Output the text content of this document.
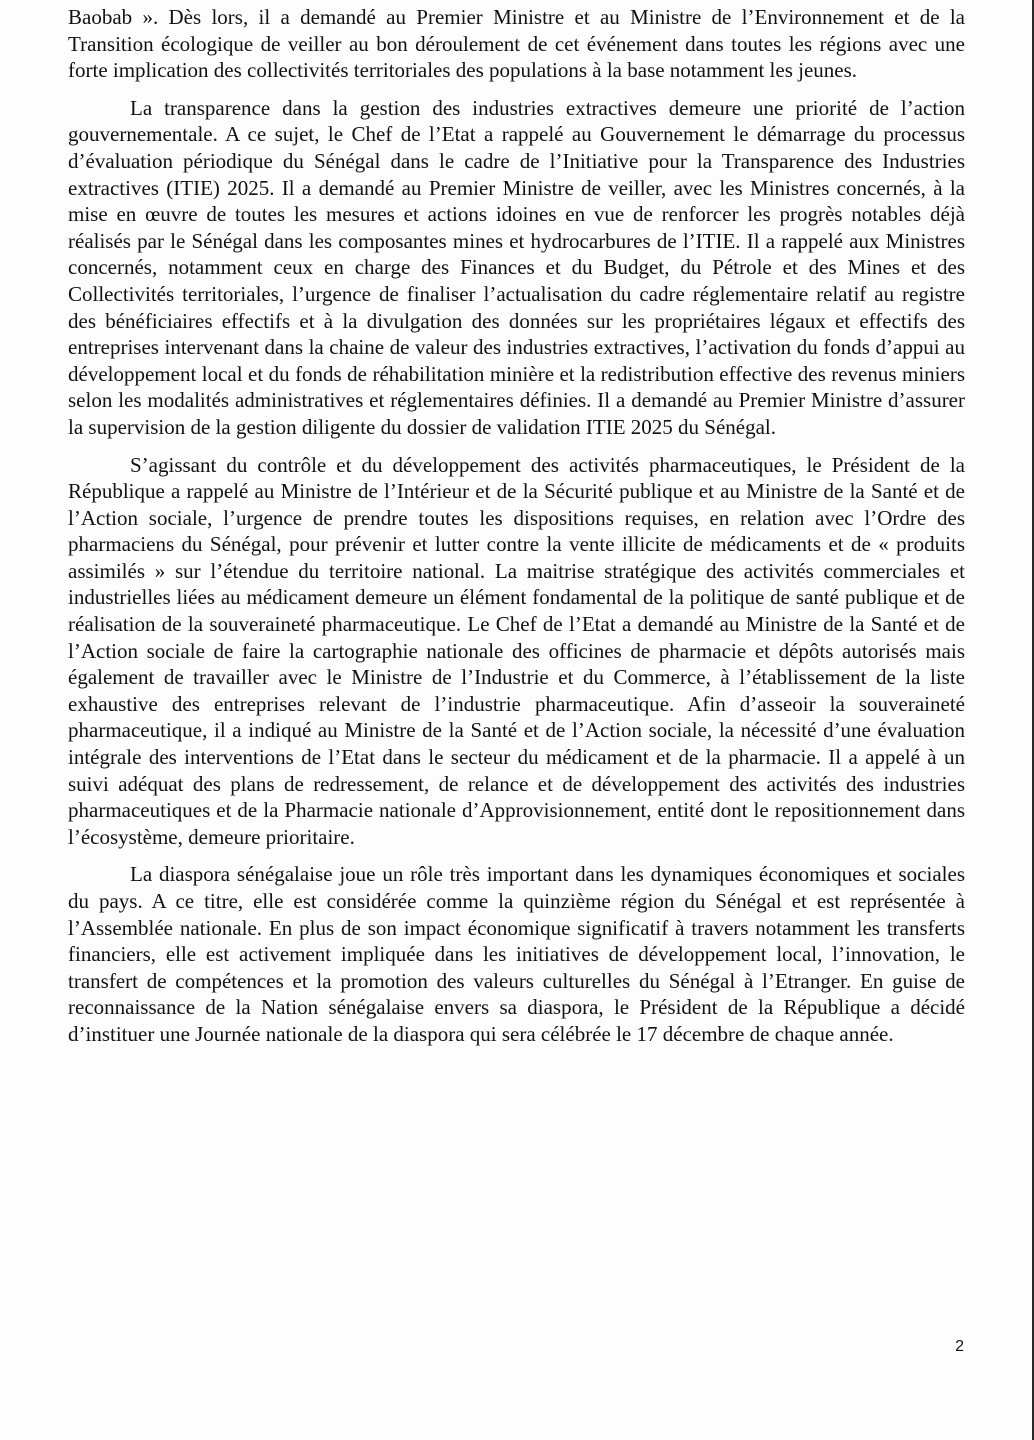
Baobab ». Dès lors, il a demandé au Premier Ministre et au Ministre de l’Environnement et de la Transition écologique de veiller au bon déroulement de cet événement dans toutes les régions avec une forte implication des collectivités territoriales des populations à la base notamment les jeunes.

La transparence dans la gestion des industries extractives demeure une priorité de l’action gouvernementale. A ce sujet, le Chef de l’Etat a rappelé au Gouvernement le démarrage du processus d’évaluation périodique du Sénégal dans le cadre de l’Initiative pour la Transparence des Industries extractives (ITIE) 2025. Il a demandé au Premier Ministre de veiller, avec les Ministres concernés, à la mise en œuvre de toutes les mesures et actions idoines en vue de renforcer les progrès notables déjà réalisés par le Sénégal dans les composantes mines et hydrocarbures de l’ITIE. Il a rappelé aux Ministres concernés, notamment ceux en charge des Finances et du Budget, du Pétrole et des Mines et des Collectivités territoriales, l’urgence de finaliser l’actualisation du cadre réglementaire relatif au registre des bénéficiaires effectifs et à la divulgation des données sur les propriétaires légaux et effectifs des entreprises intervenant dans la chaine de valeur des industries extractives, l’activation du fonds d’appui au développement local et du fonds de réhabilitation minière et la redistribution effective des revenus miniers selon les modalités administratives et réglementaires définies. Il a demandé au Premier Ministre d’assurer la supervision de la gestion diligente du dossier de validation ITIE 2025 du Sénégal.

S’agissant du contrôle et du développement des activités pharmaceutiques, le Président de la République a rappelé au Ministre de l’Intérieur et de la Sécurité publique et au Ministre de la Santé et de l’Action sociale, l’urgence de prendre toutes les dispositions requises, en relation avec l’Ordre des pharmaciens du Sénégal, pour prévenir et lutter contre la vente illicite de médicaments et de « produits assimilés » sur l’étendue du territoire national. La maitrise stratégique des activités commerciales et industrielles liées au médicament demeure un élément fondamental de la politique de santé publique et de réalisation de la souveraineté pharmaceutique. Le Chef de l’Etat a demandé au Ministre de la Santé et de l’Action sociale de faire la cartographie nationale des officines de pharmacie et dépôts autorisés mais également de travailler avec le Ministre de l’Industrie et du Commerce, à l’établissement de la liste exhaustive des entreprises relevant de l’industrie pharmaceutique. Afin d’asseoir la souveraineté pharmaceutique, il a indiqué au Ministre de la Santé et de l’Action sociale, la nécessité d’une évaluation intégrale des interventions de l’Etat dans le secteur du médicament et de la pharmacie. Il a appelé à un suivi adéquat des plans de redressement, de relance et de développement des activités des industries pharmaceutiques et de la Pharmacie nationale d’Approvisionnement, entité dont le repositionnement dans l’écosystème, demeure prioritaire.

La diaspora sénégalaise joue un rôle très important dans les dynamiques économiques et sociales du pays. A ce titre, elle est considérée comme la quinzième région du Sénégal et est représentée à l’Assemblée nationale. En plus de son impact économique significatif à travers notamment les transferts financiers, elle est activement impliquée dans les initiatives de développement local, l’innovation, le transfert de compétences et la promotion des valeurs culturelles du Sénégal à l’Etranger. En guise de reconnaissance de la Nation sénégalaise envers sa diaspora, le Président de la République a décidé d’instituer une Journée nationale de la diaspora qui sera célébrée le 17 décembre de chaque année.

2
